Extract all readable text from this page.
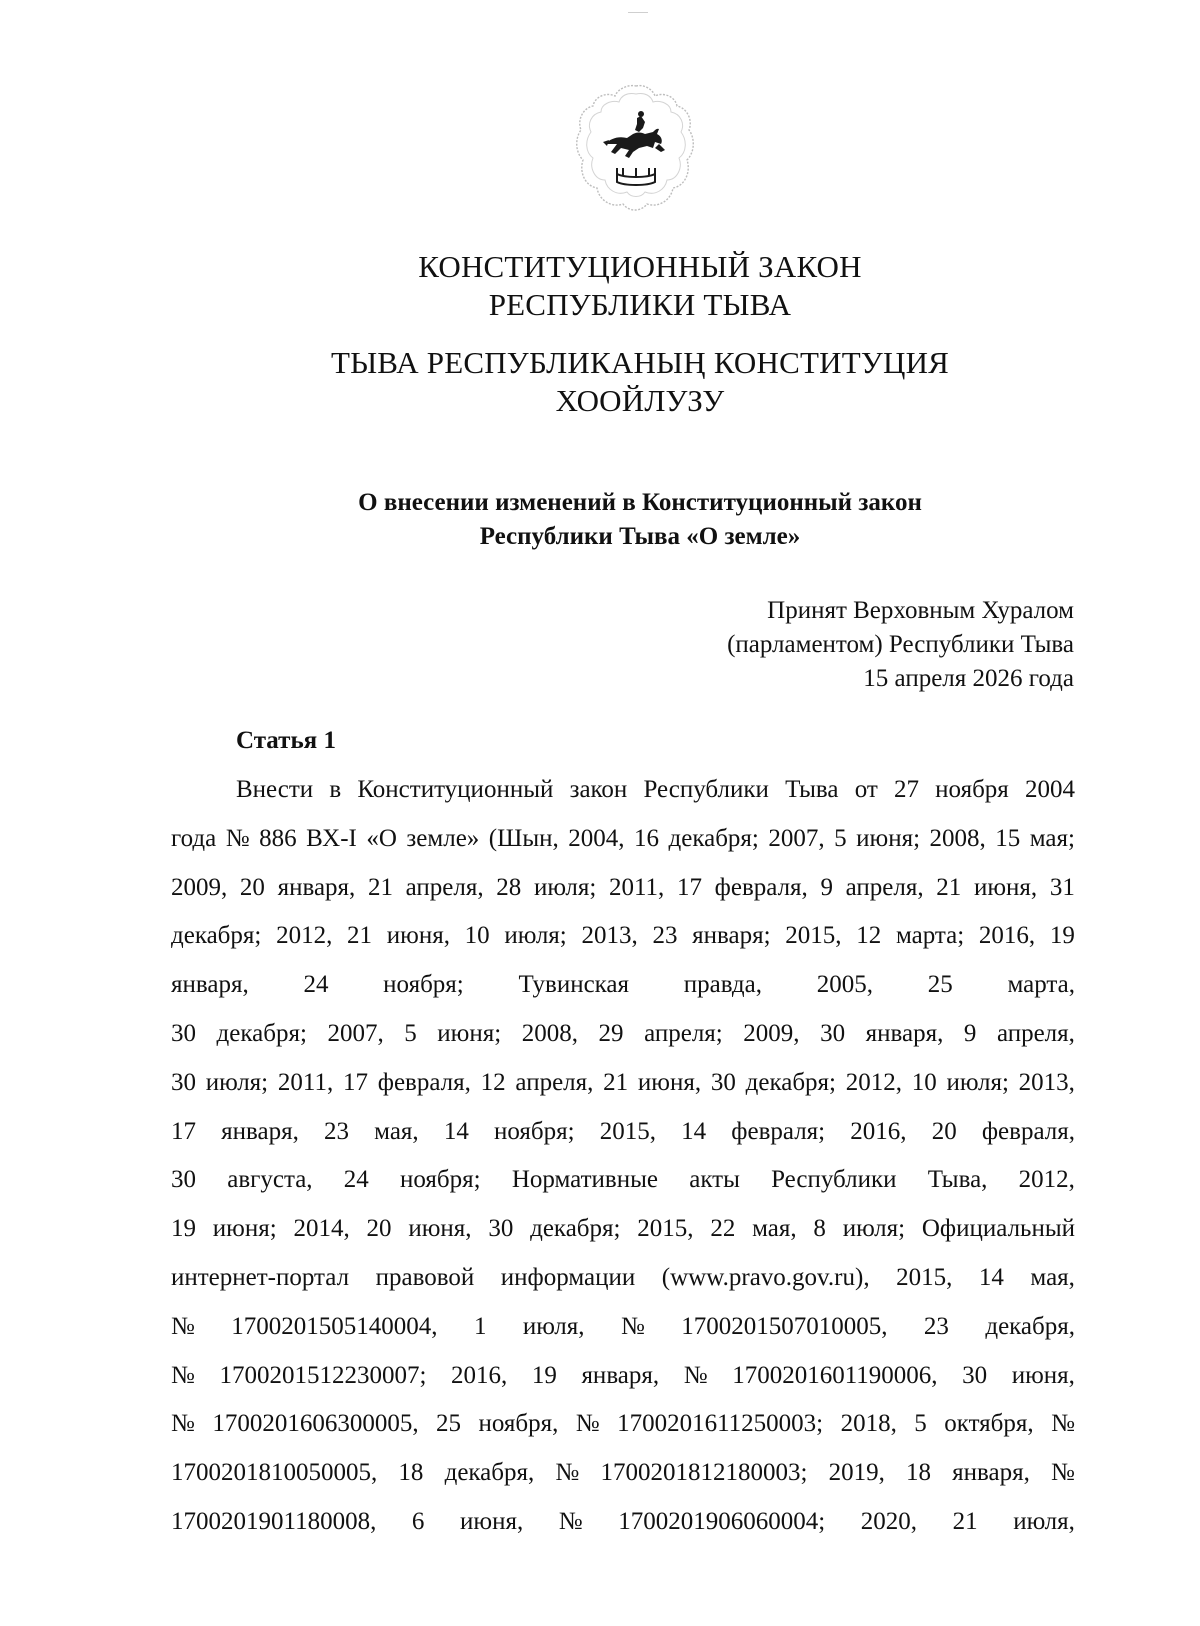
КОНСТИТУЦИОННЫЙ ЗАКОН
РЕСПУБЛИКИ ТЫВА
ТЫВА РЕСПУБЛИКАНЫҢ КОНСТИТУЦИЯ
ХООЙЛУЗУ
О внесении изменений в Конституционный закон
Республики Тыва «О земле»
Принят Верховным Хуралом
(парламентом) Республики Тыва
15 апреля 2026 года
Статья 1
Внести в Конституционный закон Республики Тыва от 27 ноября 2004
года № 886 ВХ-I «О земле» (Шын, 2004, 16 декабря; 2007, 5 июня; 2008, 15 мая;
2009, 20 января, 21 апреля, 28 июля; 2011, 17 февраля, 9 апреля, 21 июня, 31
декабря; 2012, 21 июня, 10 июля; 2013, 23 января; 2015, 12 марта; 2016, 19
января, 24 ноября; Тувинская правда, 2005, 25 марта,
30 декабря; 2007, 5 июня; 2008, 29 апреля; 2009, 30 января, 9 апреля,
30 июля; 2011, 17 февраля, 12 апреля, 21 июня, 30 декабря; 2012, 10 июля; 2013,
17 января, 23 мая, 14 ноября; 2015, 14 февраля; 2016, 20 февраля,
30 августа, 24 ноября; Нормативные акты Республики Тыва, 2012,
19 июня; 2014, 20 июня, 30 декабря; 2015, 22 мая, 8 июля; Официальный
интернет-портал правовой информации (www.pravo.gov.ru), 2015, 14 мая,
№ 1700201505140004, 1 июля, № 1700201507010005, 23 декабря,
№ 1700201512230007; 2016, 19 января, № 1700201601190006, 30 июня,
№ 1700201606300005, 25 ноября, № 1700201611250003; 2018, 5 октября, №
1700201810050005, 18 декабря, № 1700201812180003; 2019, 18 января, №
1700201901180008, 6 июня, № 1700201906060004; 2020, 21 июля,
